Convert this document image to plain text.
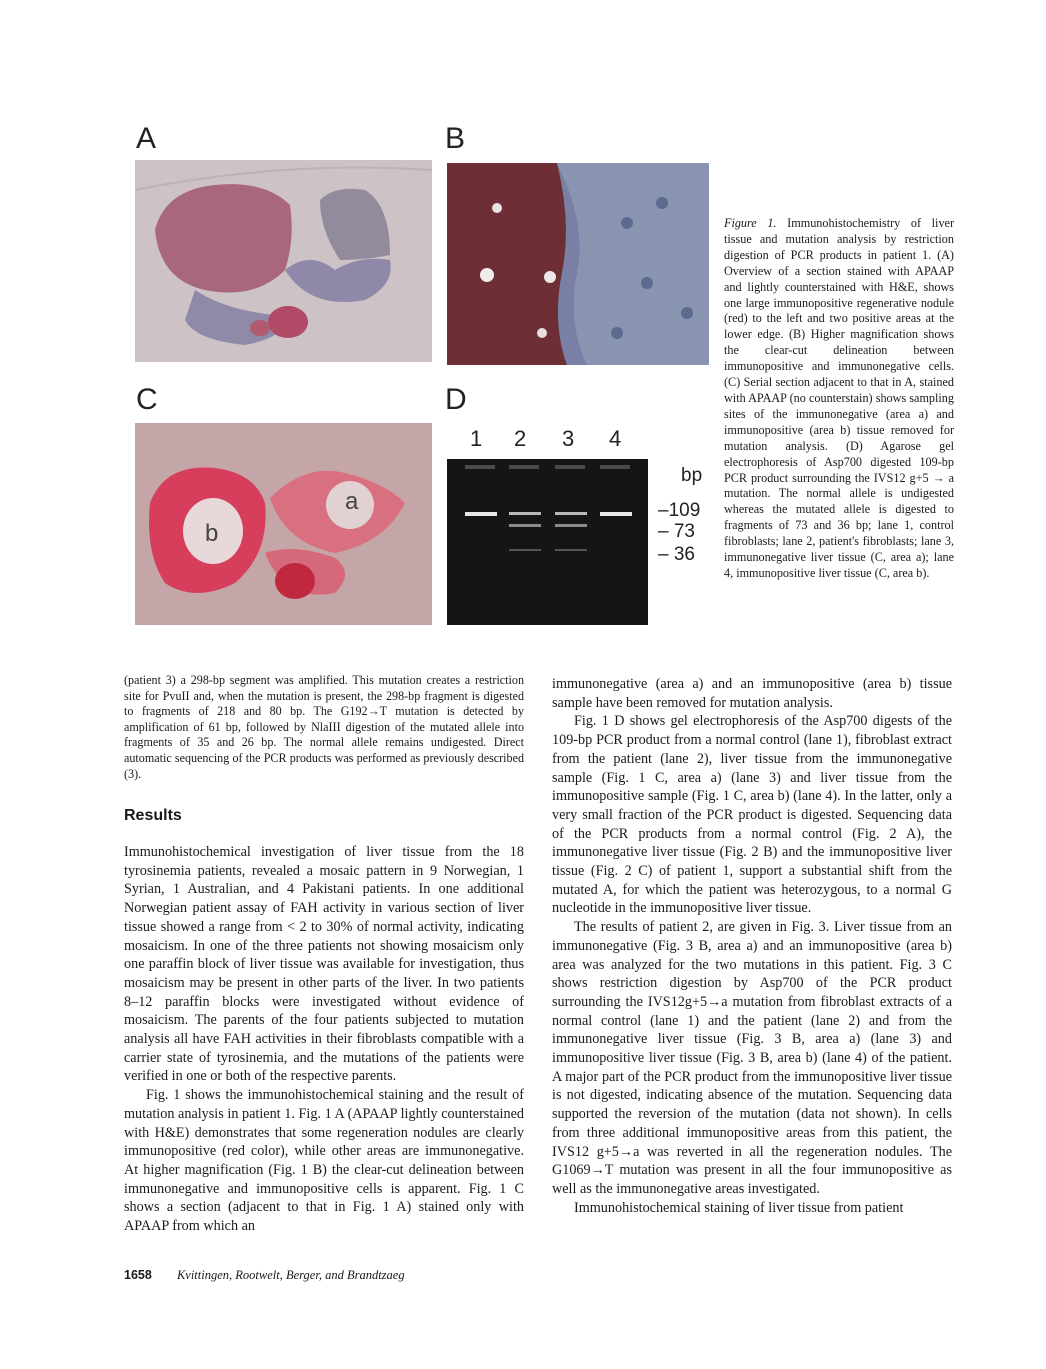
A	B
C	D
b
a
1 2 3 4
bp
–109
– 73
– 36
Figure 1. Immunohistochemistry of liver tissue and mutation analysis by restriction digestion of PCR products in patient 1. (A) Overview of a section stained with APAAP and lightly counterstained with H&E, shows one large immunopositive regenerative nodule (red) to the left and two positive areas at the lower edge. (B) Higher magnification shows the clear-cut delineation between immunopositive and immunonegative cells. (C) Serial section adjacent to that in A, stained with APAAP (no counterstain) shows sampling sites of the immunonegative (area a) and immunopositive (area b) tissue removed for mutation analysis. (D) Agarose gel electrophoresis of Asp700 digested 109-bp PCR product surrounding the IVS12 g+5 → a mutation. The normal allele is undigested whereas the mutated allele is digested to fragments of 73 and 36 bp; lane 1, control fibroblasts; lane 2, patient's fibroblasts; lane 3, immunonegative liver tissue (C, area a); lane 4, immunopositive liver tissue (C, area b).

(patient 3) a 298-bp segment was amplified. This mutation creates a restriction site for PvuII and, when the mutation is present, the 298-bp fragment is digested to fragments of 218 and 80 bp. The G192→T mutation is detected by amplification of 61 bp, followed by NlaIII digestion of the mutated allele into fragments of 35 and 26 bp. The normal allele remains undigested. Direct automatic sequencing of the PCR products was performed as previously described (3).

Results

Immunohistochemical investigation of liver tissue from the 18 tyrosinemia patients, revealed a mosaic pattern in 9 Norwegian, 1 Syrian, 1 Australian, and 4 Pakistani patients. In one additional Norwegian patient assay of FAH activity in various section of liver tissue showed a range from < 2 to 30% of normal activity, indicating mosaicism. In one of the three patients not showing mosaicism only one paraffin block of liver tissue was available for investigation, thus mosaicism may be present in other parts of the liver. In two patients 8–12 paraffin blocks were investigated without evidence of mosaicism. The parents of the four patients subjected to mutation analysis all have FAH activities in their fibroblasts compatible with a carrier state of tyrosinemia, and the mutations of the patients were verified in one or both of the respective parents.

Fig. 1 shows the immunohistochemical staining and the result of mutation analysis in patient 1. Fig. 1 A (APAAP lightly counterstained with H&E) demonstrates that some regeneration nodules are clearly immunopositive (red color), while other areas are immunonegative. At higher magnification (Fig. 1 B) the clear-cut delineation between immunonegative and immunopositive cells is apparent. Fig. 1 C shows a section (adjacent to that in Fig. 1 A) stained only with APAAP from which an

immunonegative (area a) and an immunopositive (area b) tissue sample have been removed for mutation analysis.

Fig. 1 D shows gel electrophoresis of the Asp700 digests of the 109-bp PCR product from a normal control (lane 1), fibroblast extract from the patient (lane 2), liver tissue from the immunonegative sample (Fig. 1 C, area a) (lane 3) and liver tissue from the immunopositive sample (Fig. 1 C, area b) (lane 4). In the latter, only a very small fraction of the PCR product is digested. Sequencing data of the PCR products from a normal control (Fig. 2 A), the immunonegative liver tissue (Fig. 2 B) and the immunopositive liver tissue (Fig. 2 C) of patient 1, support a substantial shift from the mutated A, for which the patient was heterozygous, to a normal G nucleotide in the immunopositive liver tissue.

The results of patient 2, are given in Fig. 3. Liver tissue from an immunonegative (Fig. 3 B, area a) and an immunopositive (area b) area was analyzed for the two mutations in this patient. Fig. 3 C shows restriction digestion by Asp700 of the PCR product surrounding the IVS12g+5→a mutation from fibroblast extracts of a normal control (lane 1) and the patient (lane 2) and from the immunonegative liver tissue (Fig. 3 B, area a) (lane 3) and immunopositive liver tissue (Fig. 3 B, area b) (lane 4) of the patient. A major part of the PCR product from the immunopositive liver tissue is not digested, indicating absence of the mutation. Sequencing data supported the reversion of the mutation (data not shown). In cells from three additional immunopositive areas from this patient, the IVS12 g+5→a was reverted in all the regeneration nodules. The G1069→T mutation was present in all the four immunopositive as well as the immunonegative areas investigated.

Immunohistochemical staining of liver tissue from patient

1658 Kvittingen, Rootwelt, Berger, and Brandtzaeg
